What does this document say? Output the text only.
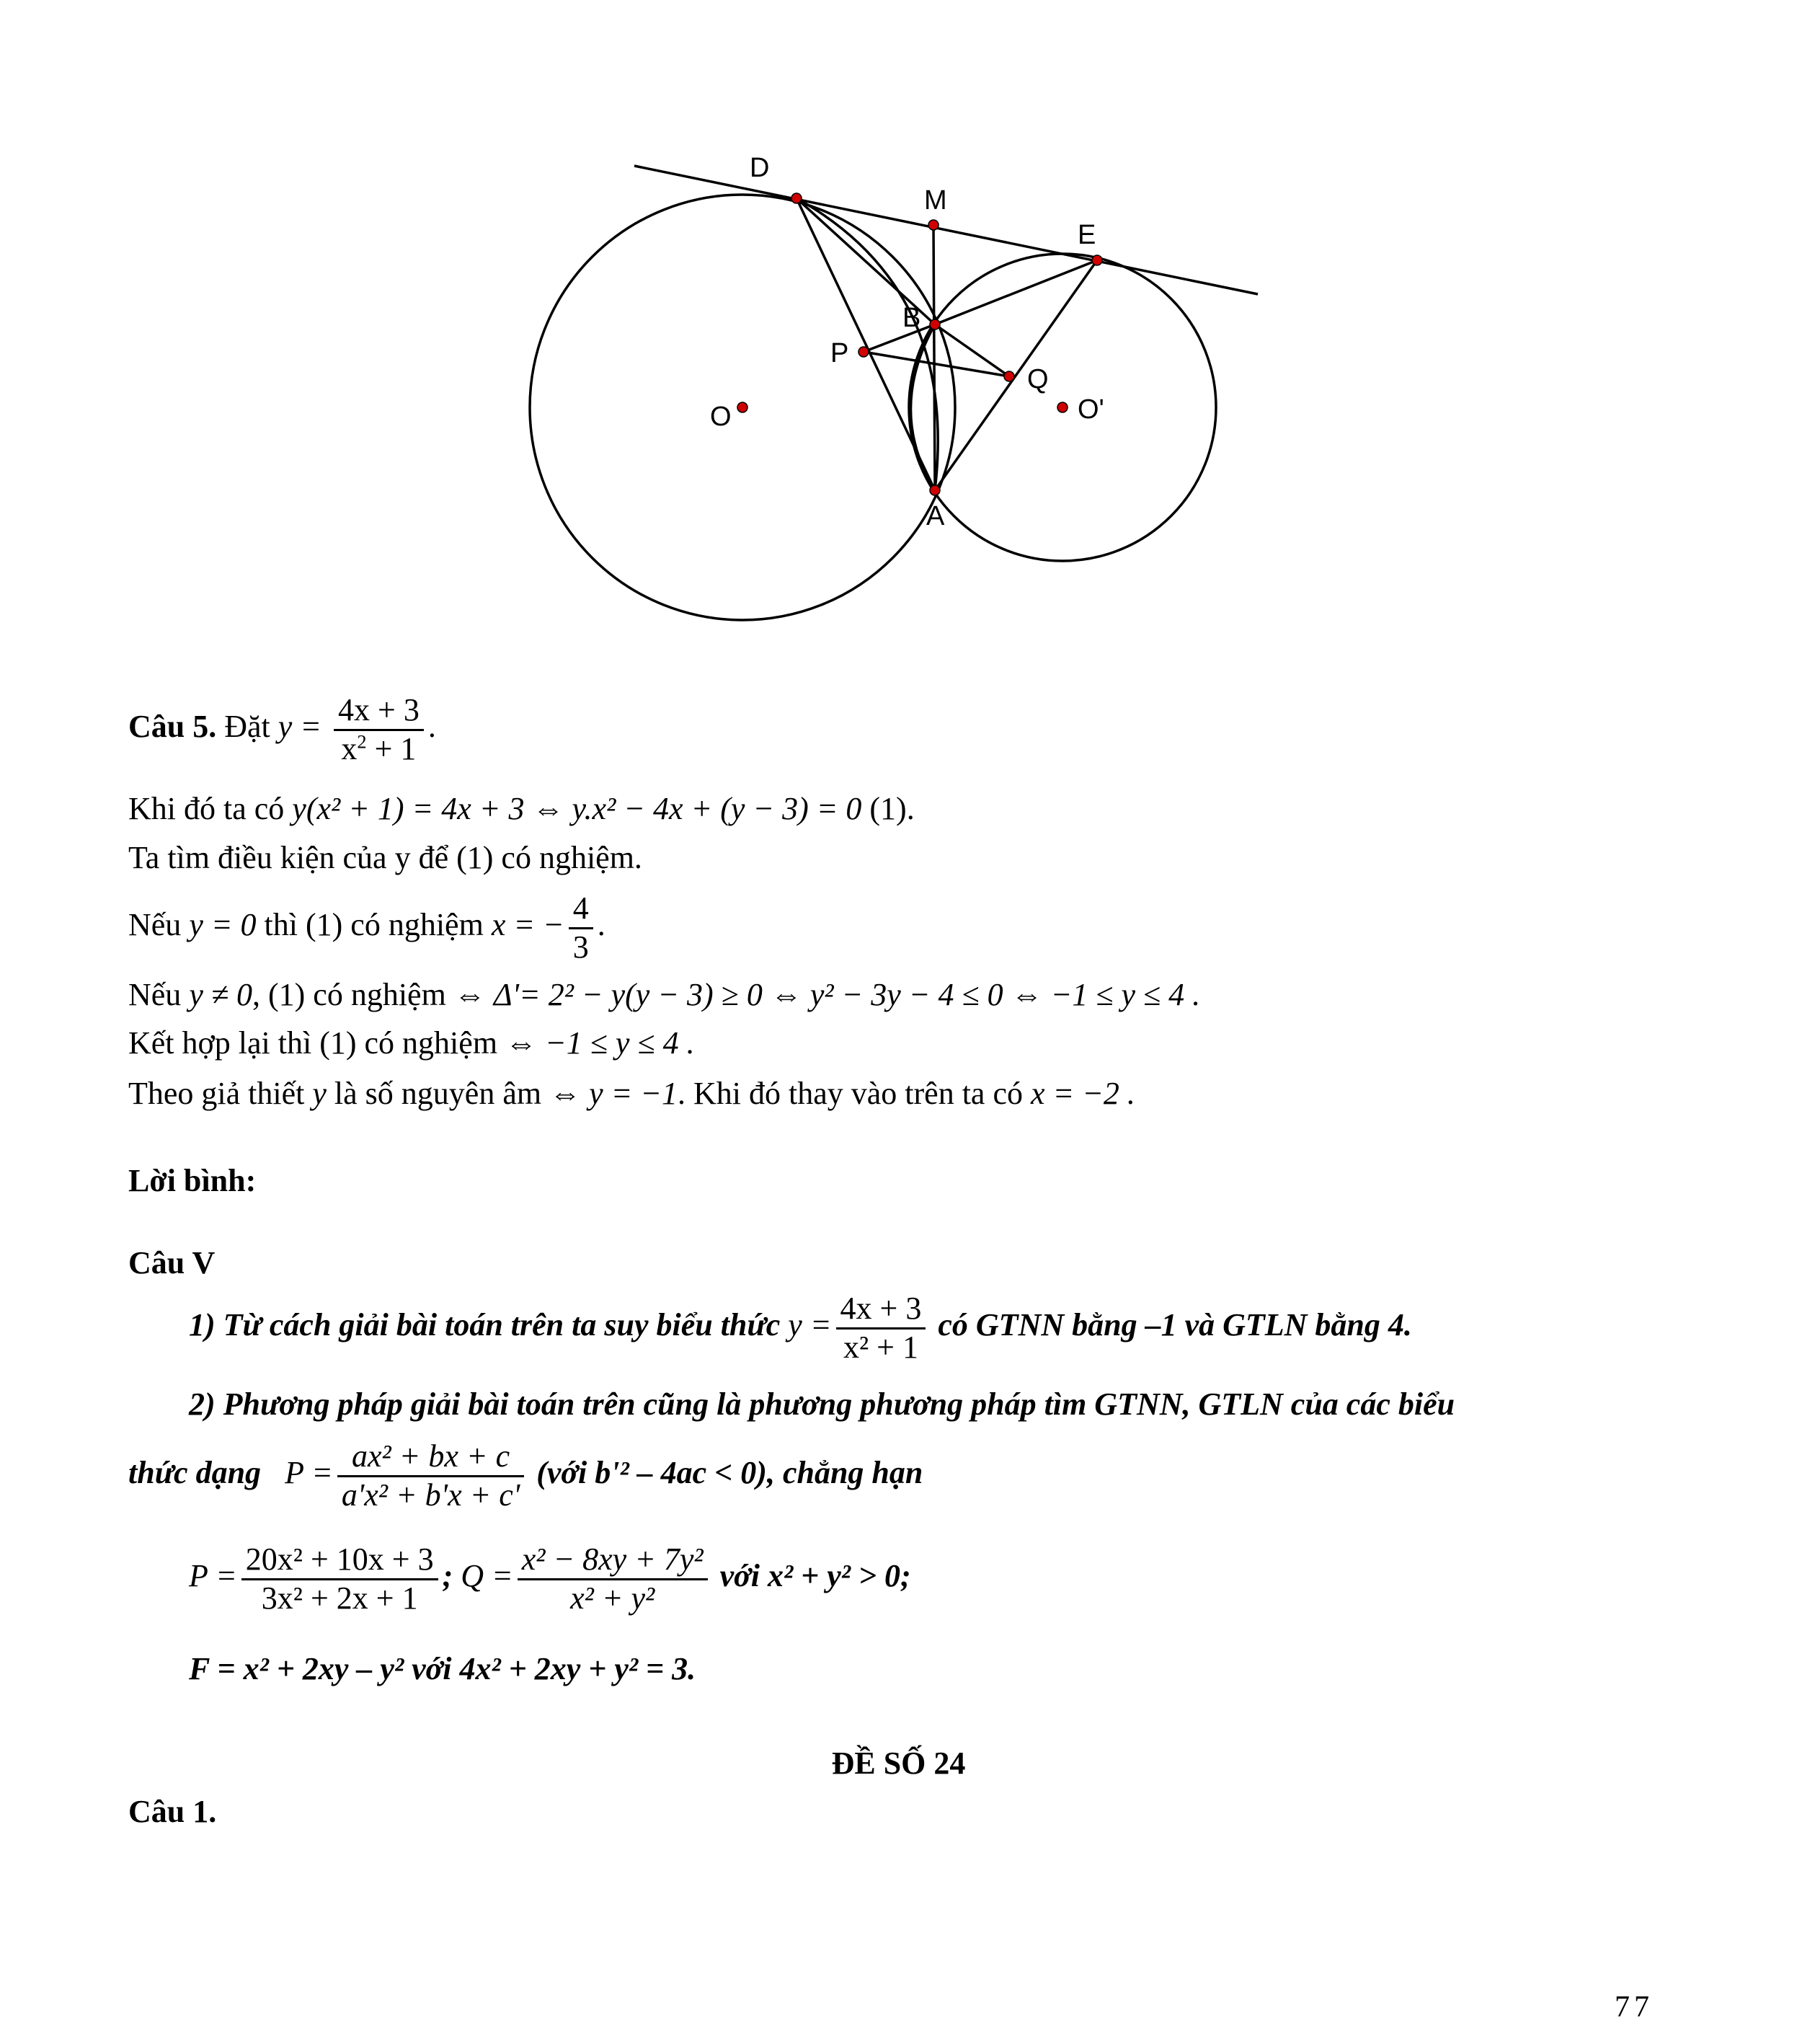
D
M
E
B
P
Q
O	O'
A
Câu 5. Đặt $y = \frac{4x + 3}{x^2 + 1}$ .
Khi đó ta có y(x² + 1) = 4x + 3 ⇔ y.x² − 4x + (y − 3) = 0 (1).
Ta tìm điều kiện của y để (1) có nghiệm.
Nếu y = 0 thì (1) có nghiệm x = − $\frac{4}{3}$ .
Nếu y ≠ 0, (1) có nghiệm ⇔ Δ'= 2² − y(y − 3) ≥ 0 ⇔ y² − 3y − 4 ≤ 0 ⇔ −1 ≤ y ≤ 4 .
Kết hợp lại thì (1) có nghiệm ⇔ −1 ≤ y ≤ 4 .
Theo giả thiết y là số nguyên âm ⇔ y = −1. Khi đó thay vào trên ta có x = −2 .
Lời bình:
Câu V
1) Từ cách giải bài toán trên ta suy biểu thức $y = \frac{4x + 3}{\text{x² + 1}}$ có GTNN bằng –1 và GTLN bằng 4.
2) Phương pháp giải bài toán trên cũng là phương phương pháp tìm GTNN, GTLN của các biểu
thức dạng $P = \frac{\text{ax² + bx + c}}{\text{a'x² + b'x + c'}}$ (với b'² – 4ac < 0), chẳng hạn
$P = \frac{\text{20x² + 10x + 3}}{\text{3x² + 2x + 1}}$ ; $Q = \frac{\text{x² − 8xy + 7y²}}{\text{x² + y²}}$ với x² + y² > 0;
F = x² + 2xy – y² với 4x² + 2xy + y² = 3.
ĐỀ SỐ 24
Câu 1.
77
